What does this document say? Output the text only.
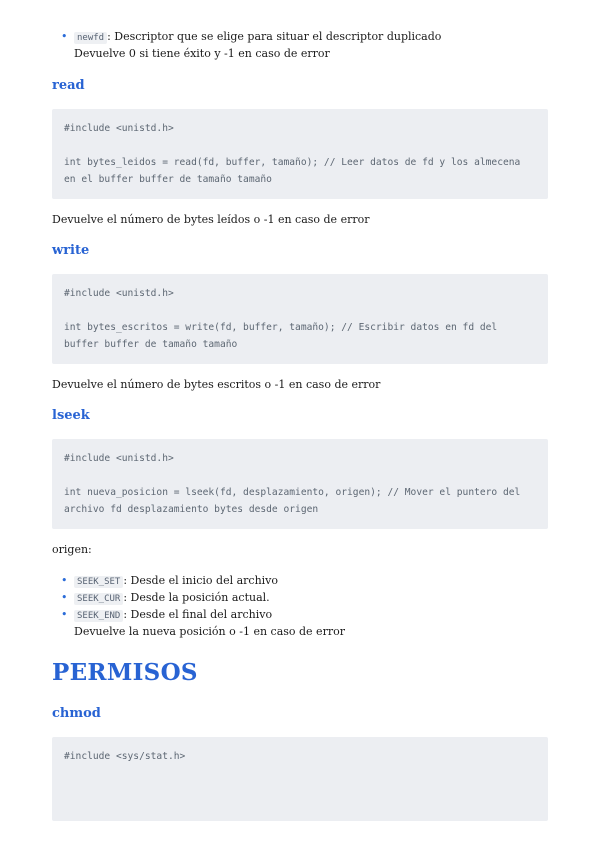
• newfd : Descriptor que se elige para situar el descriptor duplicado
Devuelve 0 si tiene éxito y -1 en caso de error
read
#include <unistd.h>
int bytes_leidos = read(fd, buffer, tamaño); // Leer datos de fd y los almecena en el buffer buffer de tamaño tamaño
Devuelve el número de bytes leídos o -1 en caso de error
write
#include <unistd.h>
int bytes_escritos = write(fd, buffer, tamaño); // Escribir datos en fd del buffer buffer de tamaño tamaño
Devuelve el número de bytes escritos o -1 en caso de error
lseek
#include <unistd.h>
int nueva_posicion = lseek(fd, desplazamiento, origen); // Mover el puntero del archivo fd desplazamiento bytes desde origen
origen:
• SEEK_SET : Desde el inicio del archivo
• SEEK_CUR : Desde la posición actual.
• SEEK_END : Desde el final del archivo
Devuelve la nueva posición o -1 en caso de error
PERMISOS
chmod
#include <sys/stat.h>
